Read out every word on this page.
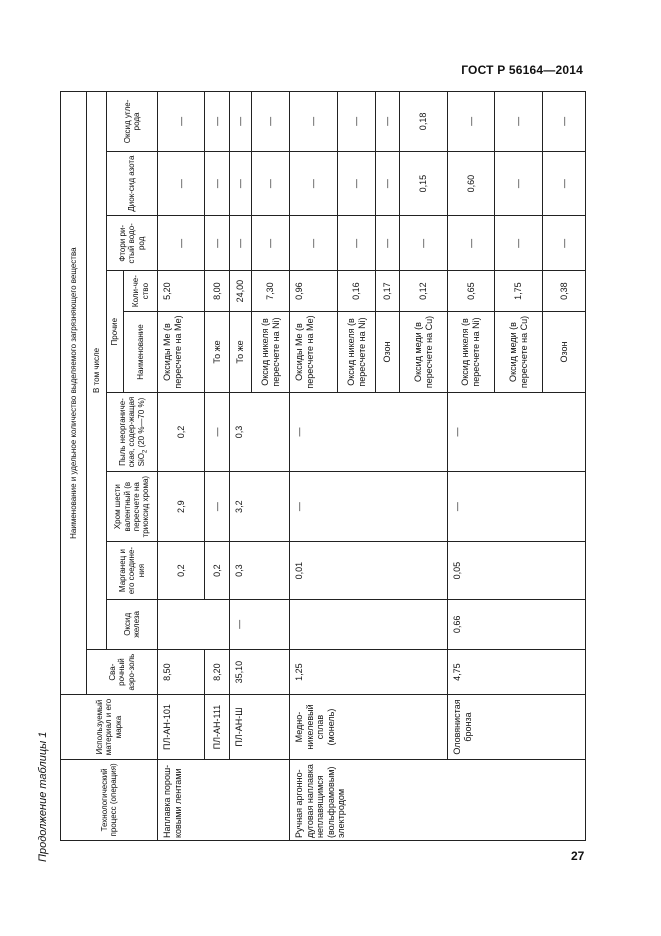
ГОСТ Р 56164—2014
Продолжение таблицы 1	Технологический процесс (операция)	Используемый материал и его марка	Наименование и удельное количество выделяемого загрязняющего вещества									
		Сва-рочный аэро-золь	В том числе								
			Оксид железа	Марганец и его соедине-ния	Хром шести валентный (в пересчете на триоксид хрома)	Пыль неорганиче-ская, содер-жащая SiO$_2$ (20 %—70 %)	Прочие		Фтори ри-стый водо-род	Диок-сид азота	Оксид угле-рода
							Наименование	Коли-че-ство			
Наплавка порош-ковыми лентами	ПЛ-АН-101	8,50		0,2	2,9	0,2	Оксиды Ме (в пересчете на Ме)	5,20	—	—	—
	ПЛ-АН-111	8,20		0,2	—	—	То же	8,00	—	—	—
	ПЛ-АН-Ш	35,10	—	0,3	3,2	0,3	То же	24,00	—	—	—
							Оксид никеля (в пересчете на Ni)	7,30	—	—	—
Ручная аргонно-дуговая наплавка неплавящимся (вольфрамовым) электродом	Медно-никелевый сплав (монель)	1,25		0,01	—	—	Оксиды Ме (в пересчете на Ме)	0,96	—	—	—
							Оксид никеля (в пересчете на Ni)	0,16	—	—	—
							Озон	0,17	—	—	—
							Оксид меди (в пересчете на Cu)	0,12	—	0,15	0,18
	Оловянистая бронза	4,75	0,66	0,05	—	—	Оксид никеля (в пересчете на Ni)	0,65	—	0,60	—
							Оксид меди (в пересчете на Cu)	1,75	—	—	—
							Озон	0,38	—	—	—
27
